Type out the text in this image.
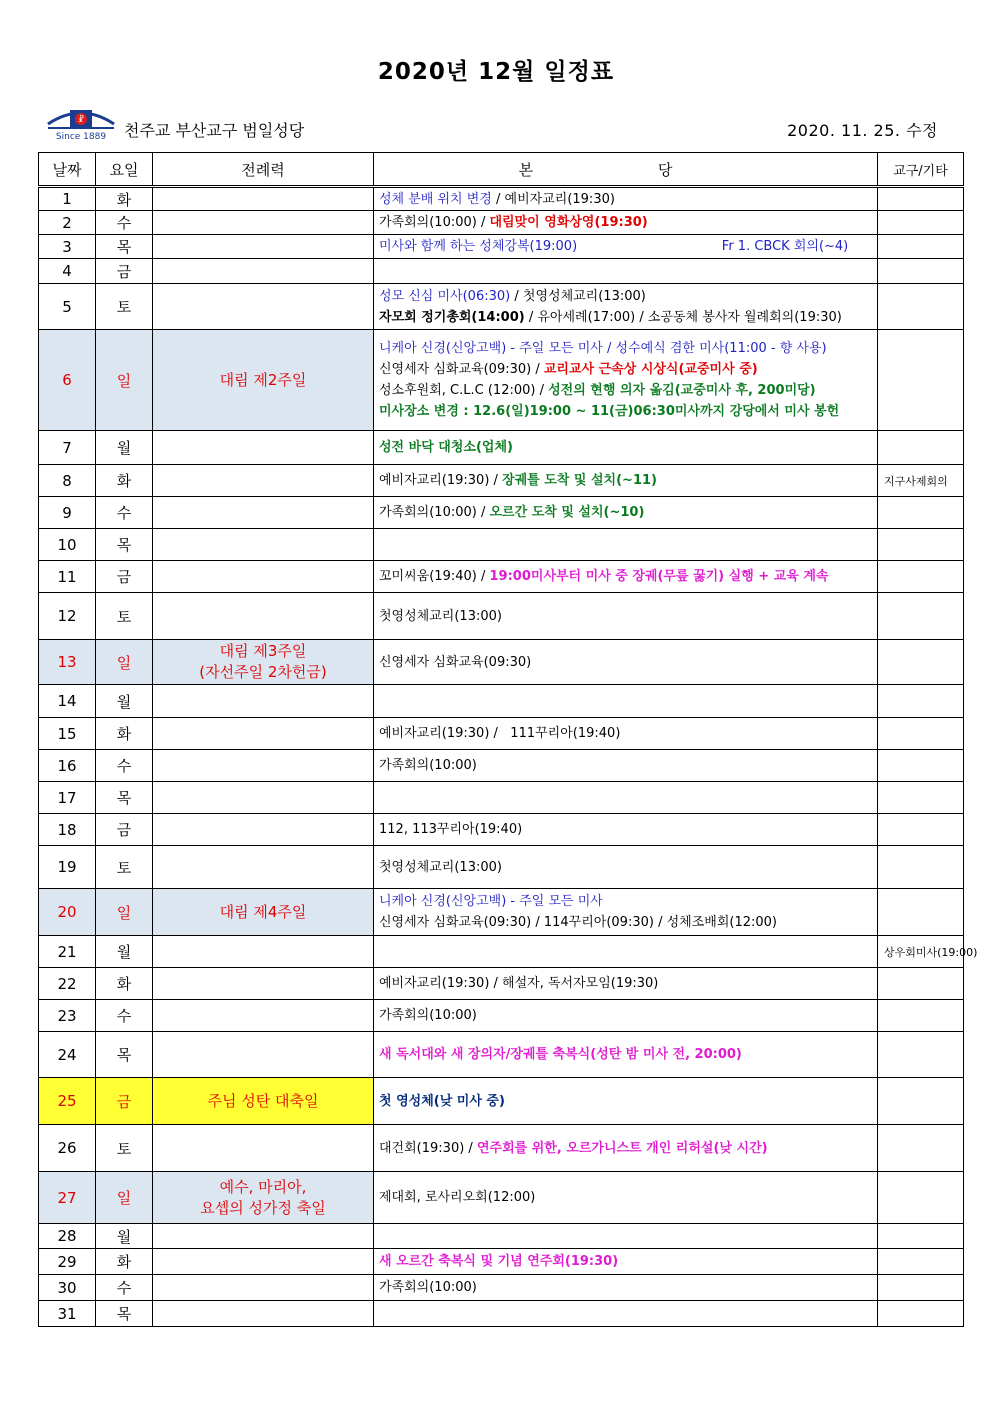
2020년 12월 일정표
☧
Since 1889 천주교 부산교구 범일성당	2020. 11. 25. 수정
날짜	요일	전례력	본 당	교구/기타
1	화		성체 분배 위치 변경 / 예비자교리(19:30)	

2	수		가족회의(10:00) / 대림맞이 영화상영(19:30)	

3	목		미사와 함께 하는 성체강복(19:00)                                   Fr 1. CBCK 회의(~4)	

4	금			
5	토		성모 신심 미사(06:30) / 첫영성체교리(13:00)
자모회 정기총회(14:00) / 유아세례(17:00) / 소공동체 봉사자 월례회의(19:30)	

6	일	대림 제2주일	니케아 신경(신앙고백) - 주일 모든 미사 / 성수예식 겸한 미사(11:00 - 향 사용)
신영세자 심화교육(09:30) / 교리교사 근속상 시상식(교중미사 중)
성소후원회, C.L.C (12:00) / 성전의 현행 의자 옮김(교중미사 후, 200미당)
미사장소 변경 : 12.6(일)19:00 ~ 11(금)06:30미사까지 강당에서 미사 봉헌	

7	월		성전 바닥 대청소(업체)	

8	화		예비자교리(19:30) / 장궤틀 도착 및 설치(~11)	지구사제회의
9	수		가족회의(10:00) / 오르간 도착 및 설치(~10)	

10	목			
11	금		꼬미씨움(19:40) / 19:00미사부터 미사 중 장궤(무릎 꿇기) 실행 + 교육 계속	

12	토		첫영성체교리(13:00)	

13	일	대림 제3주일
(자선주일 2차헌금)	신영세자 심화교육(09:30)	

14	월			
15	화		예비자교리(19:30) /   111꾸리아(19:40)	

16	수		가족회의(10:00)	

17	목			
18	금		112, 113꾸리아(19:40)	

19	토		첫영성체교리(13:00)	

20	일	대림 제4주일	니케아 신경(신앙고백) - 주일 모든 미사
신영세자 심화교육(09:30) / 114꾸리아(09:30) / 성체조배회(12:00)	

21	월			상우회미사(19:00)
22	화		예비자교리(19:30) / 해설자, 독서자모임(19:30)	

23	수		가족회의(10:00)	

24	목		새 독서대와 새 장의자/장궤틀 축복식(성탄 밤 미사 전, 20:00)	

25	금	주님 성탄 대축일	첫 영성체(낮 미사 중)	

26	토		대건회(19:30) / 연주회를 위한, 오르가니스트 개인 리허설(낮 시간)	

27	일	예수, 마리아,
요셉의 성가정 축일	제대회, 로사리오회(12:00)	

28	월			
29	화		새 오르간 축복식 및 기념 연주회(19:30)	

30	수		가족회의(10:00)	

31	목			
